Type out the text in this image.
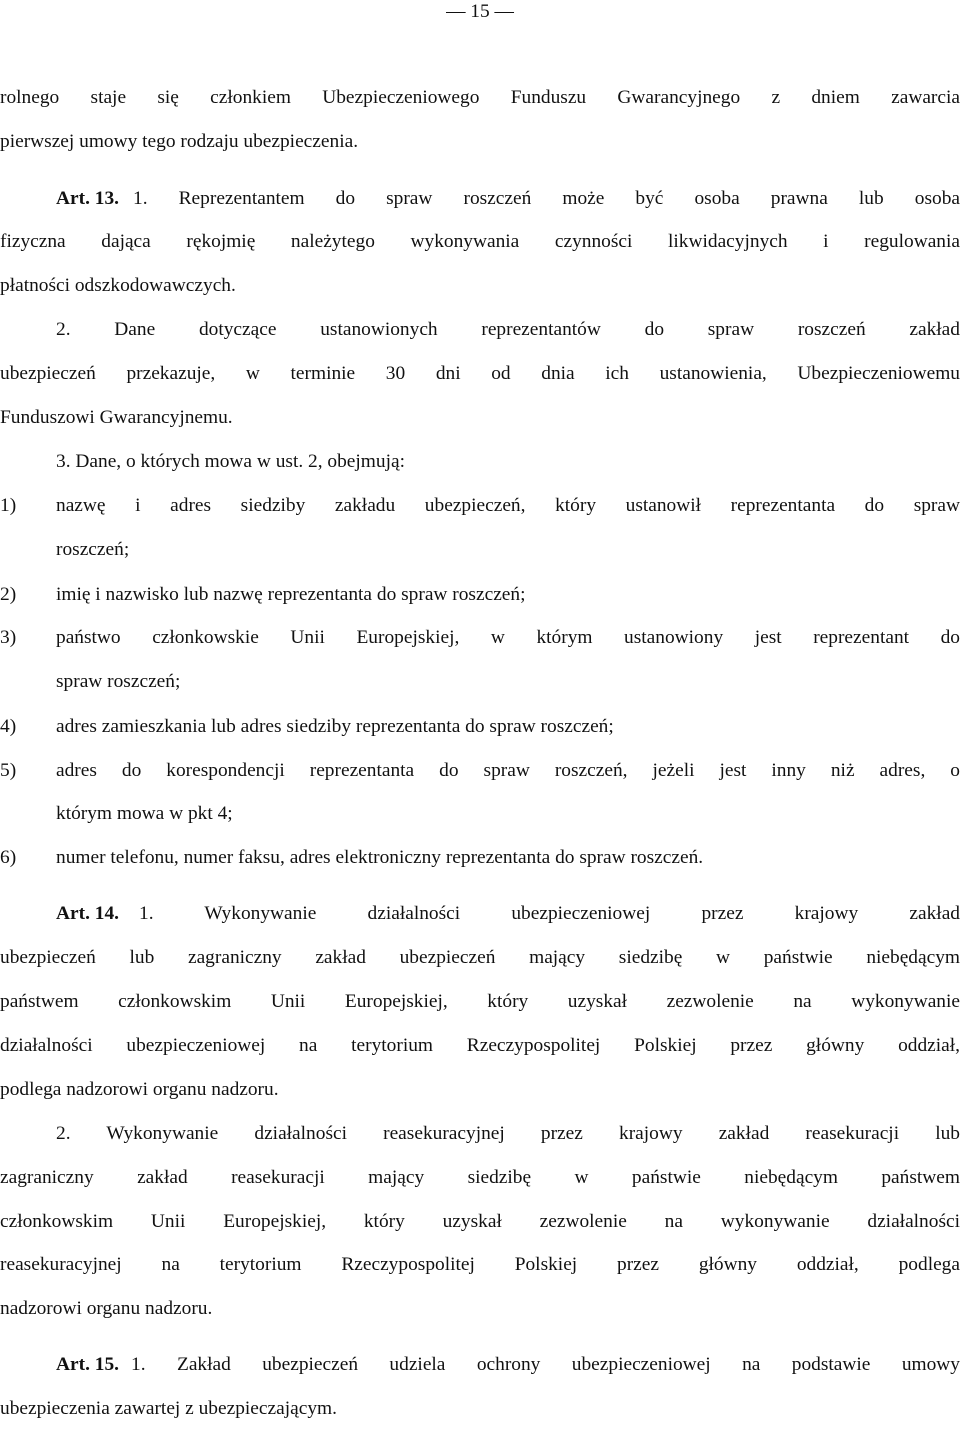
— 15 —
rolnego staje się członkiem Ubezpieczeniowego Funduszu Gwarancyjnego z dniem zawarcia
pierwszej umowy tego rodzaju ubezpieczenia.
Art. 13. 1. Reprezentantem do spraw roszczeń może być osoba prawna lub osoba
fizyczna dająca rękojmię należytego wykonywania czynności likwidacyjnych i regulowania
płatności odszkodowawczych.
2. Dane dotyczące ustanowionych reprezentantów do spraw roszczeń zakład
ubezpieczeń przekazuje, w terminie 30 dni od dnia ich ustanowienia, Ubezpieczeniowemu
Funduszowi Gwarancyjnemu.
3. Dane, o których mowa w ust. 2, obejmują:
1) nazwę i adres siedziby zakładu ubezpieczeń, który ustanowił reprezentanta do spraw
roszczeń;
2) imię i nazwisko lub nazwę reprezentanta do spraw roszczeń;
3) państwo członkowskie Unii Europejskiej, w którym ustanowiony jest reprezentant do
spraw roszczeń;
4) adres zamieszkania lub adres siedziby reprezentanta do spraw roszczeń;
5) adres do korespondencji reprezentanta do spraw roszczeń, jeżeli jest inny niż adres, o
którym mowa w pkt 4;
6) numer telefonu, numer faksu, adres elektroniczny reprezentanta do spraw roszczeń.
Art. 14. 1. Wykonywanie działalności ubezpieczeniowej przez krajowy zakład
ubezpieczeń lub zagraniczny zakład ubezpieczeń mający siedzibę w państwie niebędącym
państwem członkowskim Unii Europejskiej, który uzyskał zezwolenie na wykonywanie
działalności ubezpieczeniowej na terytorium Rzeczypospolitej Polskiej przez główny oddział,
podlega nadzorowi organu nadzoru.
2. Wykonywanie działalności reasekuracyjnej przez krajowy zakład reasekuracji lub
zagraniczny zakład reasekuracji mający siedzibę w państwie niebędącym państwem
członkowskim Unii Europejskiej, który uzyskał zezwolenie na wykonywanie działalności
reasekuracyjnej na terytorium Rzeczypospolitej Polskiej przez główny oddział, podlega
nadzorowi organu nadzoru.
Art. 15. 1. Zakład ubezpieczeń udziela ochrony ubezpieczeniowej na podstawie umowy
ubezpieczenia zawartej z ubezpieczającym.
